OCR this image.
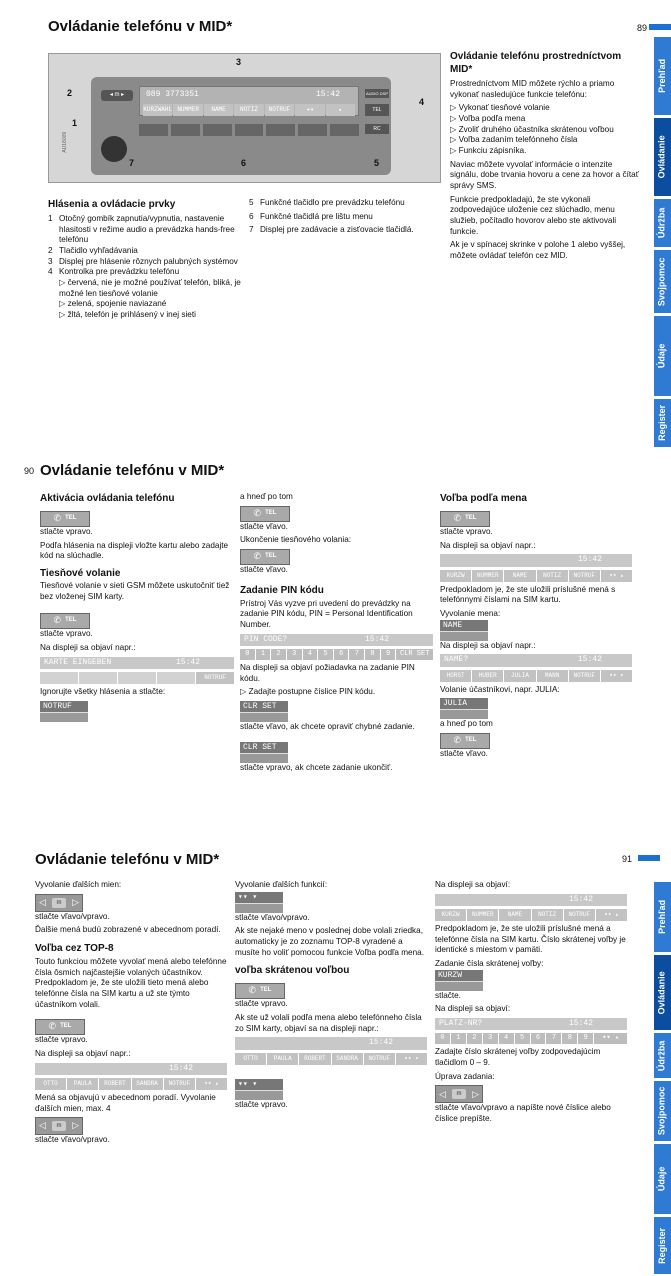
Ovládanie telefónu v MID*	89
◂ m ▸	089 3773351	15:42
KURZWAHL NUMMER	NAME	NOTIZ	NOTRUF	◂◂	▴
AUDIO DSP
TEL
RC
AU18009
1
2
3
4
5
6
7
Hlásenia a ovládacie prvky
1 Otočný gombík zapnutia/vypnutia, nastavenie hlasitosti v režime audio a prevádzka hands-free telefónu
2 Tlačidlo vyhľadávania
3 Displej pre hlásenie rôznych palubných systémov
4 Kontrolka pre prevádzku telefónu
▷ červená, nie je možné používať telefón, bliká, je možné len tiesňové volanie
▷ zelená, spojenie naviazané
▷ žltá, telefón je prihlásený v inej sieti
5 Funkčné tlačidlo pre prevádzku telefónu
6 Funkčné tlačidlá pre lištu menu
7 Displej pre zadávacie a zisťovacie tlačidlá.
Ovládanie telefónu prostredníctvom MID*

Prostredníctvom MID môžete rýchlo a priamo vykonať nasledujúce funkcie telefónu:

▷ Vykonať tiesňové volanie
▷ Voľba podľa mena
▷ Zvoliť druhého účastníka skrátenou voľbou
▷ Voľba zadaním telefónneho čísla
▷ Funkciu zápisníka.

Naviac môžete vyvolať informácie o intenzite signálu, dobe trvania hovoru a cene za hovor a čítať správy SMS.

Funkcie predpokladajú, že ste vykonali zodpovedajúce uloženie cez slúchadlo, menu služieb, počítadlo hovorov alebo ste aktivovali funkcie.

Ak je v spínacej skrinke v polohe 1 alebo vyššej, môžete ovládať telefón cez MID.

Prehľad
Ovládanie
Údržba
Svojpomoc
Údaje
Register
90 Ovládanie telefónu v MID*
Aktivácia ovládania telefónu
✆ TEL

stlačte vpravo.

Podľa hlásenia na displeji vložte kartu alebo zadajte kód na slúchadle.

Tiesňové volanie

Tiesňové volanie v sieti GSM môžete uskutočniť tiež bez vloženej SIM karty.

✆ TEL

stlačte vpravo.

Na displeji sa objaví napr.:

KARTE EINGEBEN	15:42
NOTRUF

Ignorujte všetky hlásenia a stlačte:

NOTRUF

a hneď po tom

✆ TEL

stlačte vľavo.

Ukončenie tiesňového volania:

✆ TEL

stlačte vľavo.

Zadanie PIN kódu

Prístroj Vás vyzve pri uvedení do prevádzky na zadanie PIN kódu, PIN = Personal Identification Number.

PIN CODE?	15:42
0	1	2	3	4	5	6	7	8	9	CLR SET

Na displeji sa objaví požiadavka na zadanie PIN kódu.

▷ Zadajte postupne číslice PIN kódu.

CLR SET

stlačte vľavo, ak chcete opraviť chybné zadanie.

CLR SET

stlačte vpravo, ak chcete zadanie ukončiť.

Voľba podľa mena
✆ TEL

stlačte vpravo.

Na displeji sa objaví napr.:

15:42
KURZW	NUMMER	NAME	NOTIZ	NOTRUF	▾▾ ▴

Predpokladom je, že ste uložili príslušné mená s telefónnymi číslami na SIM kartu.

Vyvolanie mena:

NAME

Na displeji sa objaví napr.:

NAME?	15:42
HORST	HUBER	JULIA	MANN	NOTRUF	▾▾ ▾

Volanie účastníkovi, napr. JULIA:

JULIA

a hneď po tom

✆ TEL

stlačte vľavo.

Ovládanie telefónu v MID*	91

Vyvolanie ďalších mien:

◁	m	▷

stlačte vľavo/vpravo.

Ďalšie mená budú zobrazené v abecednom poradí.

Voľba cez TOP-8

Touto funkciou môžete vyvolať mená alebo telefónne čísla ôsmich najčastejšie volaných účastníkov. Predpokladom je, že ste uložili tieto mená alebo telefónne čísla na SIM kartu a už ste týmto účastníkom volali.

✆ TEL

stlačte vpravo.

Na displeji sa objaví napr.:

15:42
OTTO	PAULA	ROBERT	SANDRA	NOTRUF	▾▾ ▴

Mená sa objavujú v abecednom poradí. Vyvolanie ďalších mien, max. 4

◁	m	▷

stlačte vľavo/vpravo.

Vyvolanie ďalších funkcií:

▾▾ ▾

stlačte vľavo/vpravo.

Ak ste nejaké meno v poslednej dobe volali zriedka, automaticky je zo zoznamu TOP-8 vyradené a musíte ho voliť pomocou funkcie Voľba podľa mena.

voľba skrátenou voľbou
✆ TEL

stlačte vpravo.

Ak ste už volali podľa mena alebo telefónneho čísla zo SIM karty, objaví sa na displeji napr.:

15:42
OTTO	PAULA	ROBERT	SANDRA	NOTRUF	▾▾ ▾
▾▾ ▾

stlačte vpravo.

Na displeji sa objaví:

15:42
KURZW	NUMMER	NAME	NOTIZ	NOTRUF	▾▾ ▴

Predpokladom je, že ste uložili príslušné mená a telefónne čísla na SIM kartu. Číslo skrátenej voľby je identické s miestom v pamäti.

Zadanie čísla skrátenej voľby:

KURZW

stlačte.

Na displeji sa objaví:

PLATZ-NR?	15:42
0	1	2	3	4	5	6	7	8	9	▾▾ ▴

Zadajte číslo skrátenej voľby zodpovedajúcim tlačidlom 0 – 9.

Úprava zadania:

◁	m	▷

stlačte vľavo/vpravo a napíšte nové číslice alebo číslice prepíšte.

Prehľad
Ovládanie
Údržba
Svojpomoc
Údaje
Register
